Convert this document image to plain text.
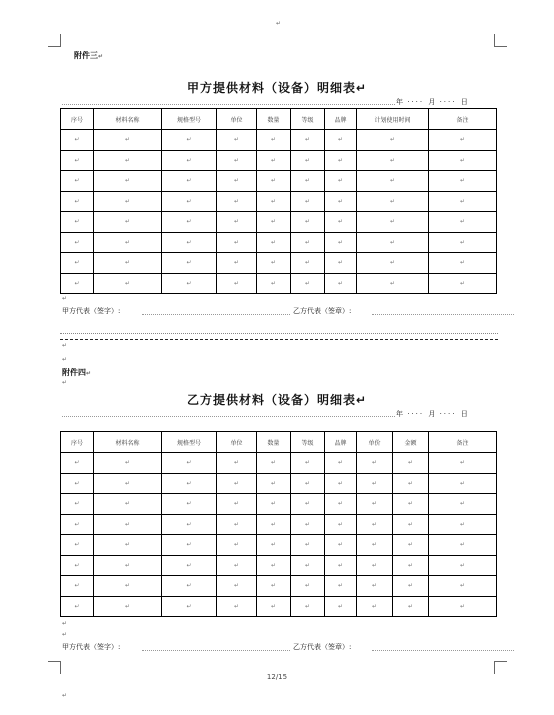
↵
附件三↵
甲方提供材料（设备）明细表↵
年 ···· 月 ···· 日
序号	材料名称	规格型号	单位	数量	等级	品牌	计划使用时间	备注
↵	↵	↵	↵	↵	↵	↵	↵	↵
↵	↵	↵	↵	↵	↵	↵	↵	↵
↵	↵	↵	↵	↵	↵	↵	↵	↵
↵	↵	↵	↵	↵	↵	↵	↵	↵
↵	↵	↵	↵	↵	↵	↵	↵	↵
↵	↵	↵	↵	↵	↵	↵	↵	↵
↵	↵	↵	↵	↵	↵	↵	↵	↵
↵	↵	↵	↵	↵	↵	↵	↵	↵
↵
甲方代表（签字）:	乙方代表（签章）:
↵
↵
附件四↵
↵
乙方提供材料（设备）明细表↵
年 ···· 月 ···· 日
序号	材料名称	规格型号	单位	数量	等级	品牌	单价	金额	备注
↵	↵	↵	↵	↵	↵	↵	↵	↵	↵
↵	↵	↵	↵	↵	↵	↵	↵	↵	↵
↵	↵	↵	↵	↵	↵	↵	↵	↵	↵
↵	↵	↵	↵	↵	↵	↵	↵	↵	↵
↵	↵	↵	↵	↵	↵	↵	↵	↵	↵
↵	↵	↵	↵	↵	↵	↵	↵	↵	↵
↵	↵	↵	↵	↵	↵	↵	↵	↵	↵
↵	↵	↵	↵	↵	↵	↵	↵	↵	↵
↵
↵
甲方代表（签字）:	乙方代表（签章）:
12/15
↵
